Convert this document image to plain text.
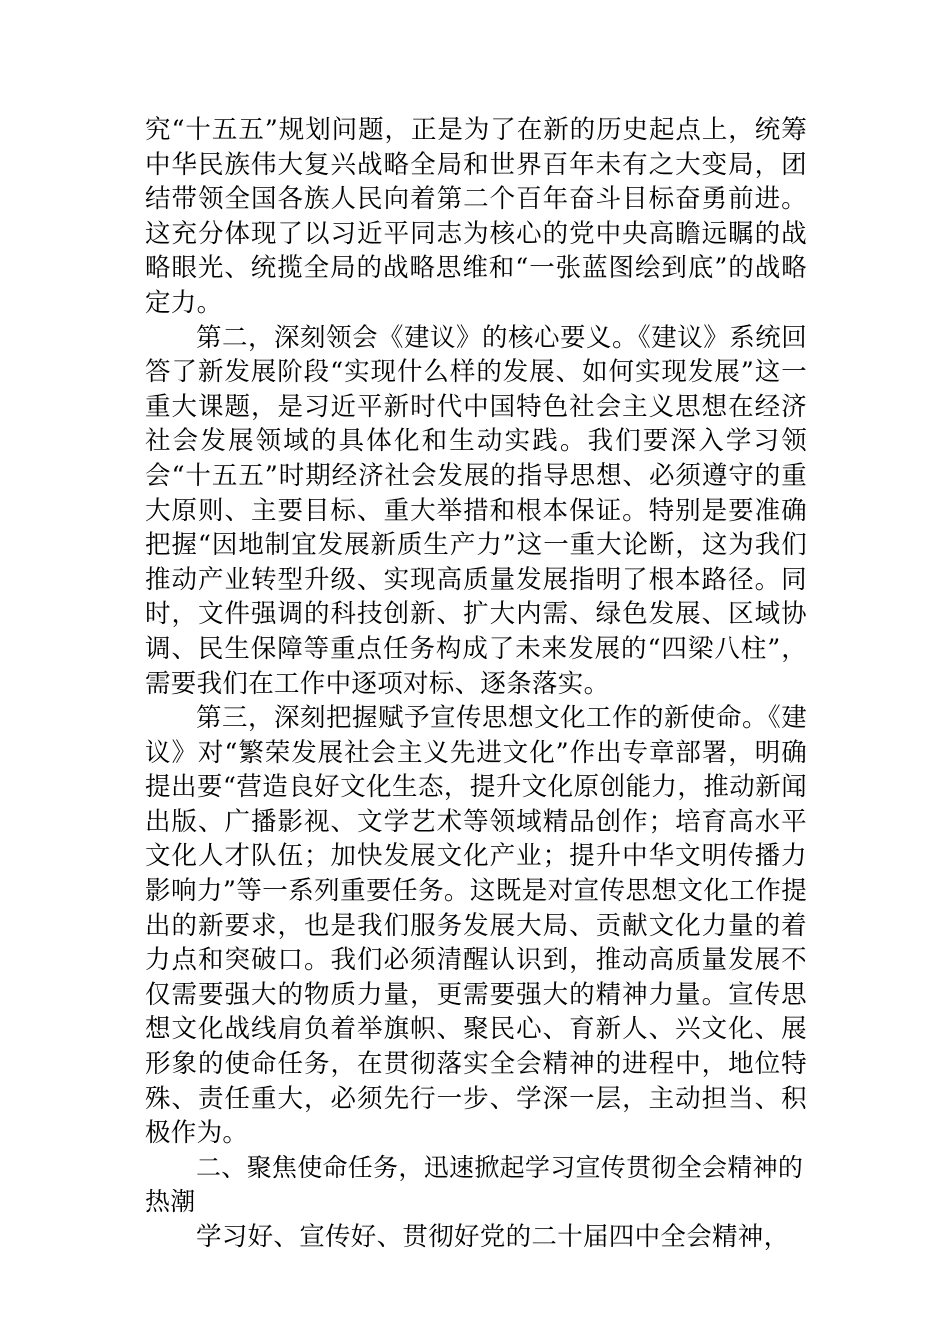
究“十五五”规划问题，正是为了在新的历史起点上，统筹中华民族伟大复兴战略全局和世界百年未有之大变局，团结带领全国各族人民向着第二个百年奋斗目标奋勇前进。这充分体现了以习近平同志为核心的党中央高瞻远瞩的战略眼光、统揽全局的战略思维和“一张蓝图绘到底”的战略定力。

第二，深刻领会《建议》的核心要义。《建议》系统回答了新发展阶段“实现什么样的发展、如何实现发展”这一重大课题，是习近平新时代中国特色社会主义思想在经济社会发展领域的具体化和生动实践。我们要深入学习领会“十五五”时期经济社会发展的指导思想、必须遵守的重大原则、主要目标、重大举措和根本保证。特别是要准确把握“因地制宜发展新质生产力”这一重大论断，这为我们推动产业转型升级、实现高质量发展指明了根本路径。同时，文件强调的科技创新、扩大内需、绿色发展、区域协调、民生保障等重点任务构成了未来发展的“四梁八柱”，需要我们在工作中逐项对标、逐条落实。

第三，深刻把握赋予宣传思想文化工作的新使命。《建议》对“繁荣发展社会主义先进文化”作出专章部署，明确提出要“营造良好文化生态，提升文化原创能力，推动新闻出版、广播影视、文学艺术等领域精品创作；培育高水平文化人才队伍；加快发展文化产业；提升中华文明传播力影响力”等一系列重要任务。这既是对宣传思想文化工作提出的新要求，也是我们服务发展大局、贡献文化力量的着力点和突破口。我们必须清醒认识到，推动高质量发展不仅需要强大的物质力量，更需要强大的精神力量。宣传思想文化战线肩负着举旗帜、聚民心、育新人、兴文化、展形象的使命任务，在贯彻落实全会精神的进程中，地位特殊、责任重大，必须先行一步、学深一层，主动担当、积极作为。

二、聚焦使命任务，迅速掀起学习宣传贯彻全会精神的热潮

学习好、宣传好、贯彻好党的二十届四中全会精神，
